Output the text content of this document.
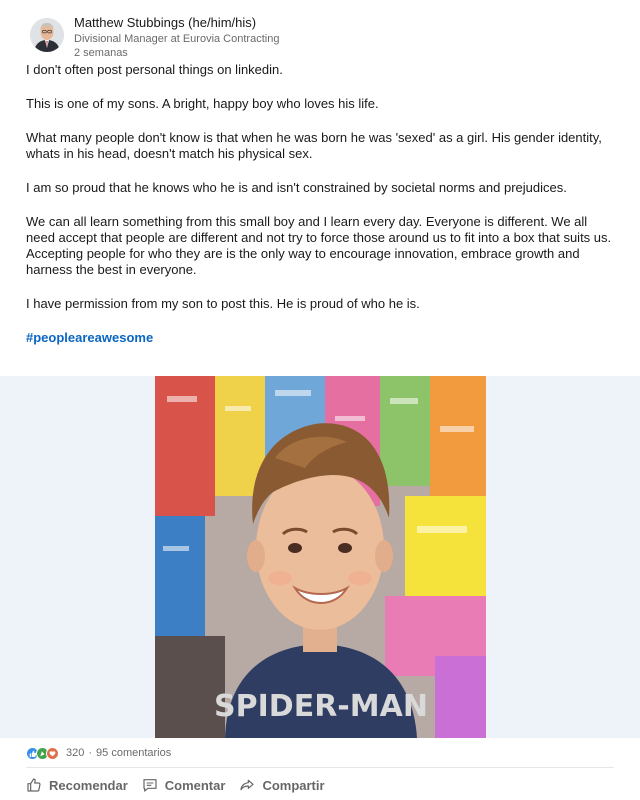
Matthew Stubbings (he/him/his)
Divisional Manager at Eurovia Contracting
2 semanas

I don't often post personal things on linkedin.

This is one of my sons. A bright, happy boy who loves his life.

What many people don't know is that when he was born he was 'sexed' as a girl. His gender identity, whats in his head, doesn't match his physical sex.

I am so proud that he knows who he is and isn't constrained by societal norms and prejudices.

We can all learn something from this small boy and I learn every day. Everyone is different. We all need accept that people are different and not try to force those around us to fit into a box that suits us. Accepting people for who they are is the only way to encourage innovation, embrace growth and harness the best in everyone.

I have permission from my son to post this. He is proud of who he is.

#peopleareawesome

SPIDER-MAN
320 · 95 comentarios
Recomendar	Comentar	Compartir
